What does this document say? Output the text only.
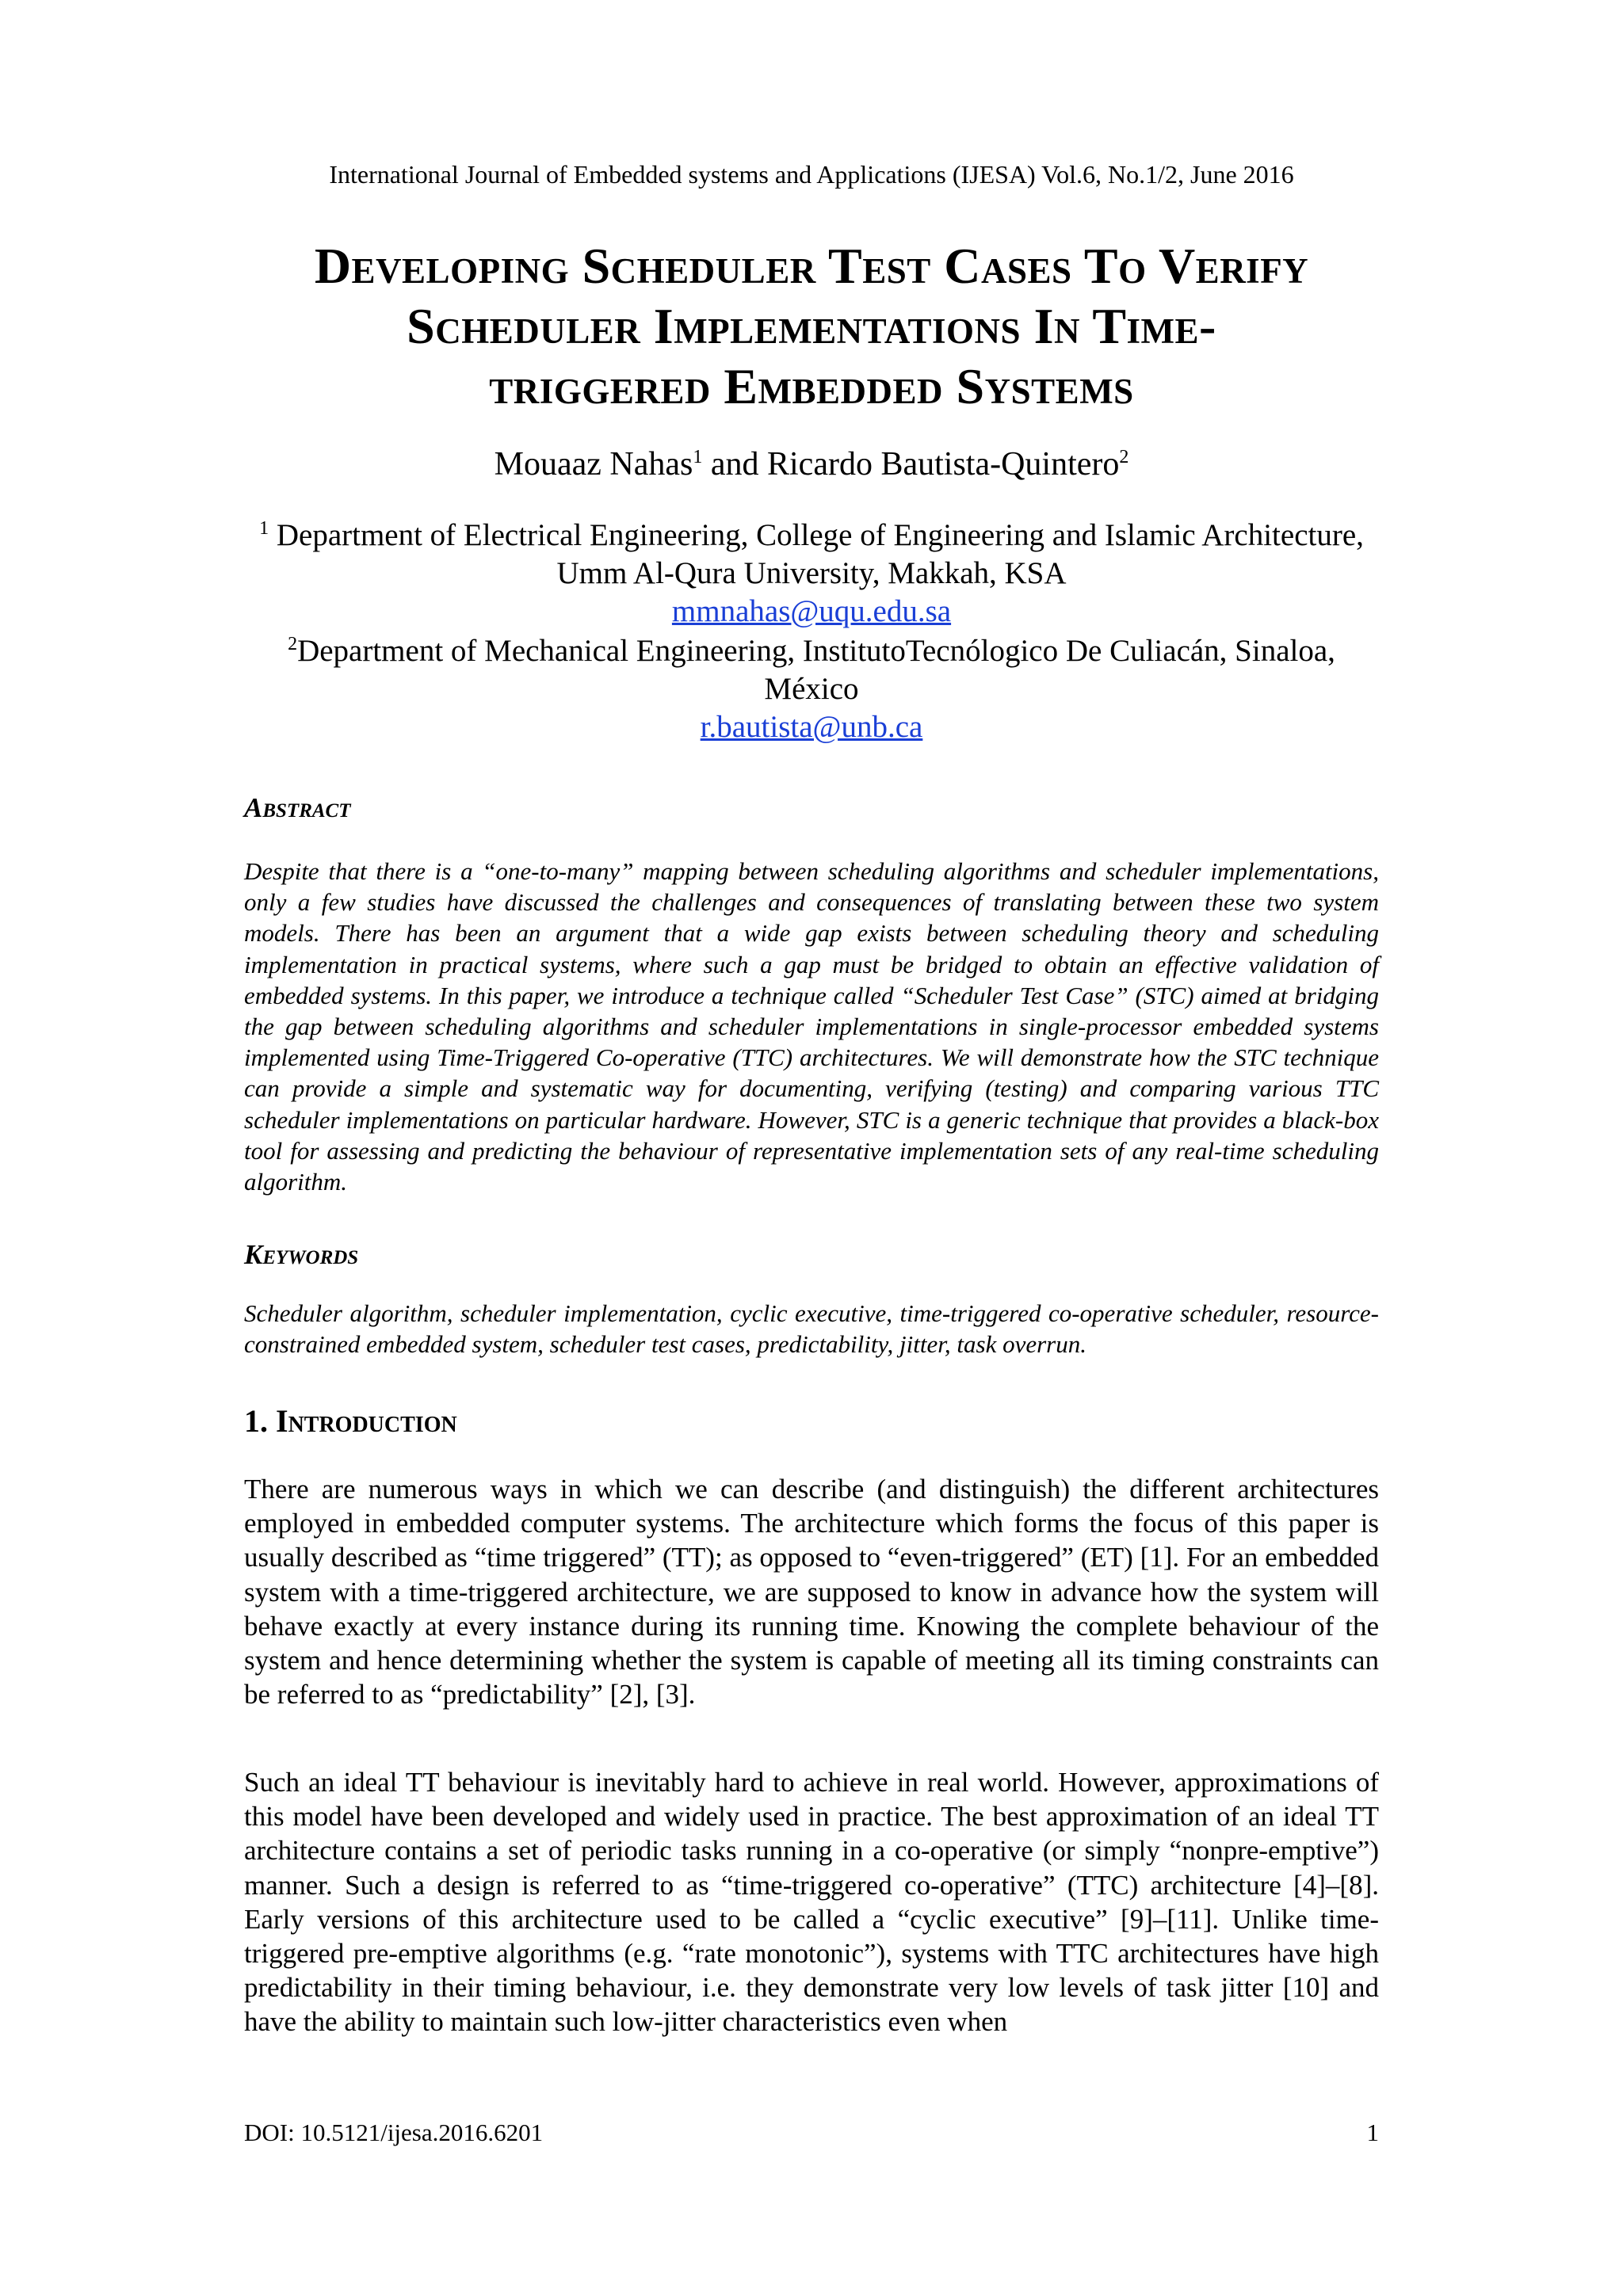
International Journal of Embedded systems and Applications (IJESA) Vol.6, No.1/2, June 2016
Developing Scheduler Test Cases To Verify
Scheduler Implementations In Time-
triggered Embedded Systems
Mouaaz Nahas$^1$ and Ricardo Bautista-Quintero$^2$
$^1$ Department of Electrical Engineering, College of Engineering and Islamic Architecture,
Umm Al-Qura University, Makkah, KSA
mmnahas@uqu.edu.sa
$^2$Department of Mechanical Engineering, InstitutoTecnólogico De Culiacán, Sinaloa,
México
r.bautista@unb.ca
Abstract
Despite that there is a “one-to-many” mapping between scheduling algorithms and scheduler implementations, only a few studies have discussed the challenges and consequences of translating between these two system models. There has been an argument that a wide gap exists between scheduling theory and scheduling implementation in practical systems, where such a gap must be bridged to obtain an effective validation of embedded systems. In this paper, we introduce a technique called “Scheduler Test Case” (STC) aimed at bridging the gap between scheduling algorithms and scheduler implementations in single-processor embedded systems implemented using Time-Triggered Co-operative (TTC) architectures. We will demonstrate how the STC technique can provide a simple and systematic way for documenting, verifying (testing) and comparing various TTC scheduler implementations on particular hardware. However, STC is a generic technique that provides a black-box tool for assessing and predicting the behaviour of representative implementation sets of any real-time scheduling algorithm.
Keywords
Scheduler algorithm, scheduler implementation, cyclic executive, time-triggered co-operative scheduler, resource-constrained embedded system, scheduler test cases, predictability, jitter, task overrun.
1. Introduction
There are numerous ways in which we can describe (and distinguish) the different architectures employed in embedded computer systems. The architecture which forms the focus of this paper is usually described as “time triggered” (TT); as opposed to “even-triggered” (ET) [1]. For an embedded system with a time-triggered architecture, we are supposed to know in advance how the system will behave exactly at every instance during its running time. Knowing the complete behaviour of the system and hence determining whether the system is capable of meeting all its timing constraints can be referred to as “predictability” [2], [3].
Such an ideal TT behaviour is inevitably hard to achieve in real world. However, approximations of this model have been developed and widely used in practice. The best approximation of an ideal TT architecture contains a set of periodic tasks running in a co-operative (or simply “nonpre-emptive”) manner. Such a design is referred to as “time-triggered co-operative” (TTC) architecture [4]–[8]. Early versions of this architecture used to be called a “cyclic executive” [9]–[11]. Unlike time-triggered pre-emptive algorithms (e.g. “rate monotonic”), systems with TTC architectures have high predictability in their timing behaviour, i.e. they demonstrate very low levels of task jitter [10] and have the ability to maintain such low-jitter characteristics even when
DOI: 10.5121/ijesa.2016.6201	1
